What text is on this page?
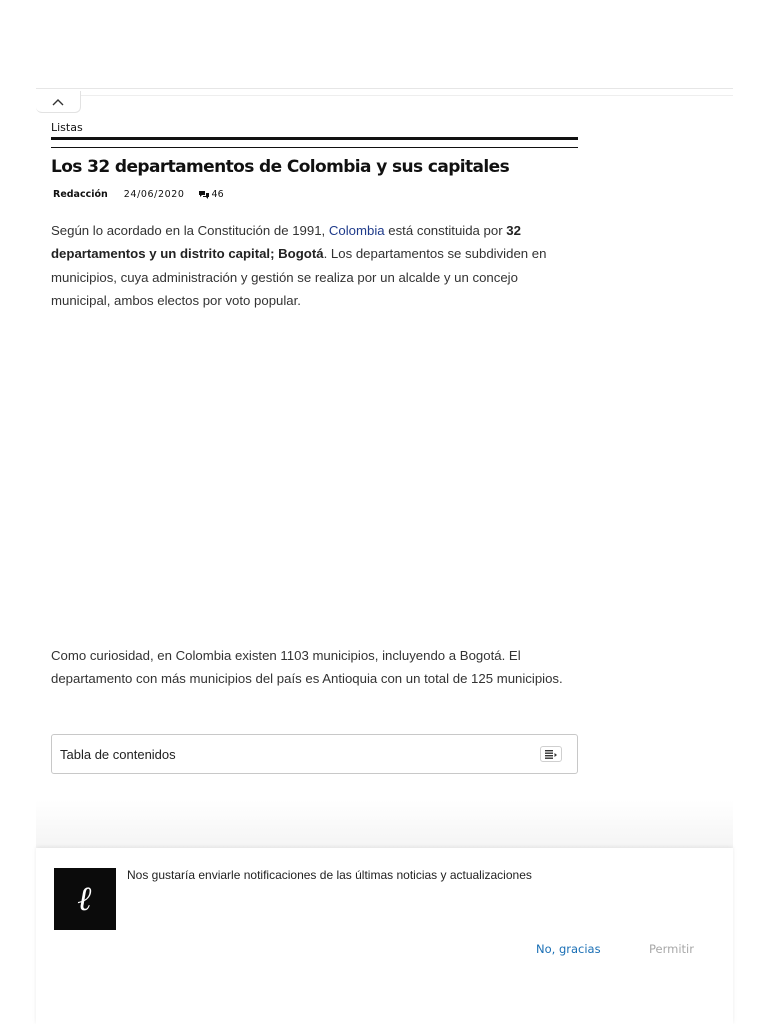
Listas
Los 32 departamentos de Colombia y sus capitales
Redacción 24/06/2020	46

Según lo acordado en la Constitución de 1991, Colombia está constituida por 32 departamentos y un distrito capital; Bogotá. Los departamentos se subdividen en municipios, cuya administración y gestión se realiza por un alcalde y un concejo municipal, ambos electos por voto popular.

Como curiosidad, en Colombia existen 1103 municipios, incluyendo a Bogotá. El departamento con más municipios del país es Antioquia con un total de 125 municipios.

Tabla de contenidos
ℓ
Nos gustaría enviarle notificaciones de las últimas noticias y actualizaciones
No, gracias	Permitir
